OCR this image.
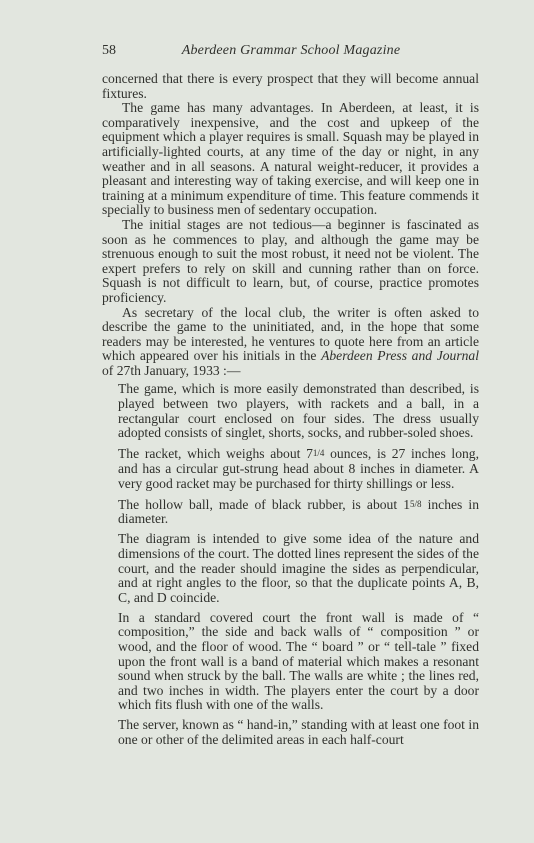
58	Aberdeen Grammar School Magazine

concerned that there is every prospect that they will become annual fixtures.

The game has many advantages. In Aberdeen, at least, it is comparatively inexpensive, and the cost and upkeep of the equipment which a player requires is small. Squash may be played in artificially-lighted courts, at any time of the day or night, in any weather and in all seasons. A natural weight-reducer, it provides a pleasant and interesting way of taking exercise, and will keep one in training at a minimum expenditure of time. This feature commends it specially to business men of sedentary occupation.

The initial stages are not tedious—a beginner is fascinated as soon as he commences to play, and although the game may be strenuous enough to suit the most robust, it need not be violent. The expert prefers to rely on skill and cunning rather than on force. Squash is not difficult to learn, but, of course, practice promotes proficiency.

As secretary of the local club, the writer is often asked to describe the game to the uninitiated, and, in the hope that some readers may be interested, he ventures to quote here from an article which appeared over his initials in the Aberdeen Press and Journal of 27th January, 1933 :—

The game, which is more easily demonstrated than described, is played between two players, with rackets and a ball, in a rectangular court enclosed on four sides. The dress usually adopted consists of singlet, shorts, socks, and rubber-soled shoes.

The racket, which weighs about 71/4 ounces, is 27 inches long, and has a circular gut-strung head about 8 inches in diameter. A very good racket may be purchased for thirty shillings or less.

The hollow ball, made of black rubber, is about 15/8 inches in diameter.

The diagram is intended to give some idea of the nature and dimensions of the court. The dotted lines represent the sides of the court, and the reader should imagine the sides as perpendicular, and at right angles to the floor, so that the duplicate points A, B, C, and D coincide.

In a standard covered court the front wall is made of “ composition,” the side and back walls of “ composition ” or wood, and the floor of wood. The “ board ” or “ tell-tale ” fixed upon the front wall is a band of material which makes a resonant sound when struck by the ball. The walls are white ; the lines red, and two inches in width. The players enter the court by a door which fits flush with one of the walls.

The server, known as “ hand-in,” standing with at least one foot in one or other of the delimited areas in each half-court
